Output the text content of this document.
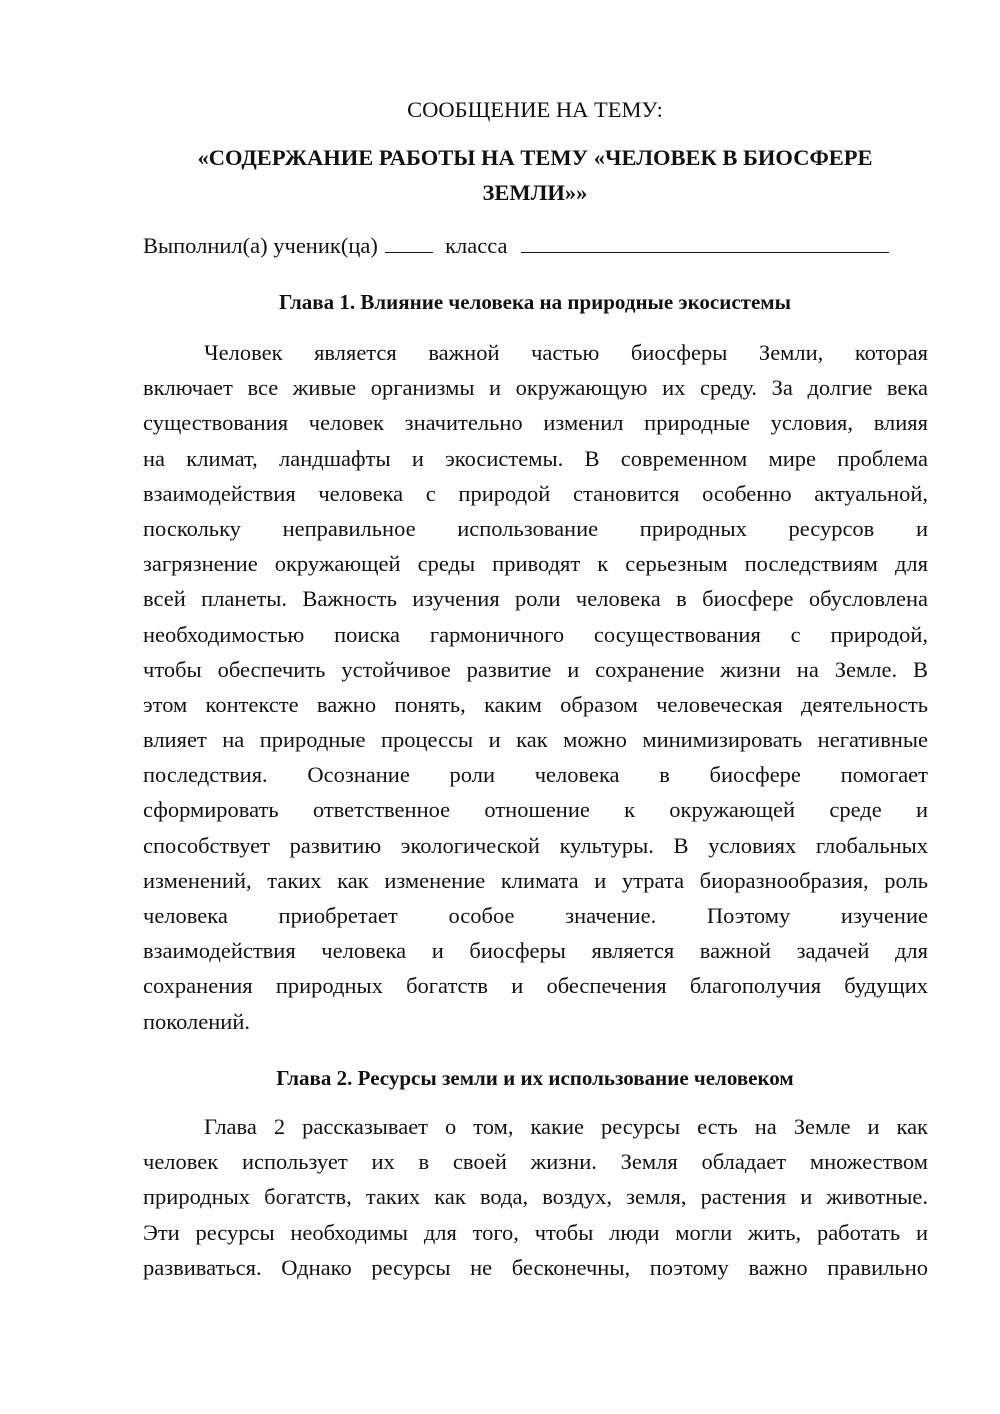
СООБЩЕНИЕ НА ТЕМУ:
«СОДЕРЖАНИЕ РАБОТЫ НА ТЕМУ «ЧЕЛОВЕК В БИОСФЕРЕ
ЗЕМЛИ»»
Выполнил(а) ученик(ца)	класса
Глава 1. Влияние человека на природные экосистемы
Человек является важной частью биосферы Земли, которая
включает все живые организмы и окружающую их среду. За долгие века
существования человек значительно изменил природные условия, влияя
на климат, ландшафты и экосистемы. В современном мире проблема
взаимодействия человека с природой становится особенно актуальной,
поскольку неправильное использование природных ресурсов и
загрязнение окружающей среды приводят к серьезным последствиям для
всей планеты. Важность изучения роли человека в биосфере обусловлена
необходимостью поиска гармоничного сосуществования с природой,
чтобы обеспечить устойчивое развитие и сохранение жизни на Земле. В
этом контексте важно понять, каким образом человеческая деятельность
влияет на природные процессы и как можно минимизировать негативные
последствия. Осознание роли человека в биосфере помогает
сформировать ответственное отношение к окружающей среде и
способствует развитию экологической культуры. В условиях глобальных
изменений, таких как изменение климата и утрата биоразнообразия, роль
человека приобретает особое значение. Поэтому изучение
взаимодействия человека и биосферы является важной задачей для
сохранения природных богатств и обеспечения благополучия будущих
поколений.
Глава 2. Ресурсы земли и их использование человеком
Глава 2 рассказывает о том, какие ресурсы есть на Земле и как
человек использует их в своей жизни. Земля обладает множеством
природных богатств, таких как вода, воздух, земля, растения и животные.
Эти ресурсы необходимы для того, чтобы люди могли жить, работать и
развиваться. Однако ресурсы не бесконечны, поэтому важно правильно
